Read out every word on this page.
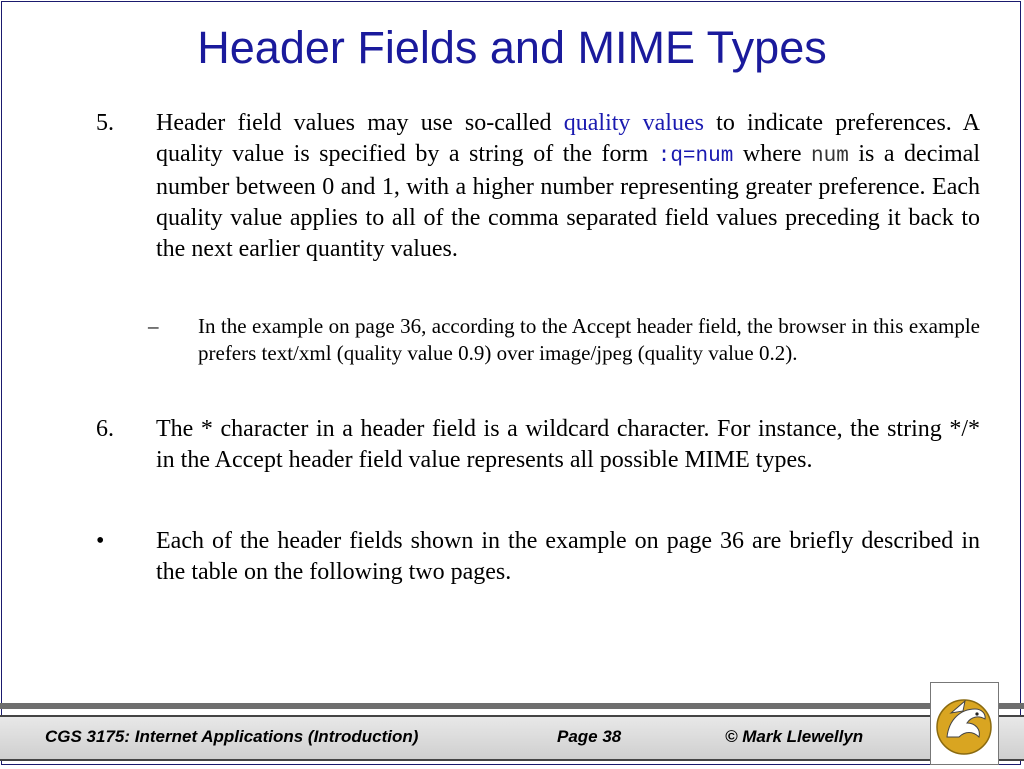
Header Fields and MIME Types
5. Header field values may use so-called quality values to indicate preferences. A quality value is specified by a string of the form :q=num where num is a decimal number between 0 and 1, with a higher number representing greater preference. Each quality value applies to all of the comma separated field values preceding it back to the next earlier quantity values.
– In the example on page 36, according to the Accept header field, the browser in this example prefers text/xml (quality value 0.9) over image/jpeg (quality value 0.2).
6. The * character in a header field is a wildcard character. For instance, the string */* in the Accept header field value represents all possible MIME types.
• Each of the header fields shown in the example on page 36 are briefly described in the table on the following two pages.
CGS 3175: Internet Applications (Introduction)	Page 38	© Mark Llewellyn
